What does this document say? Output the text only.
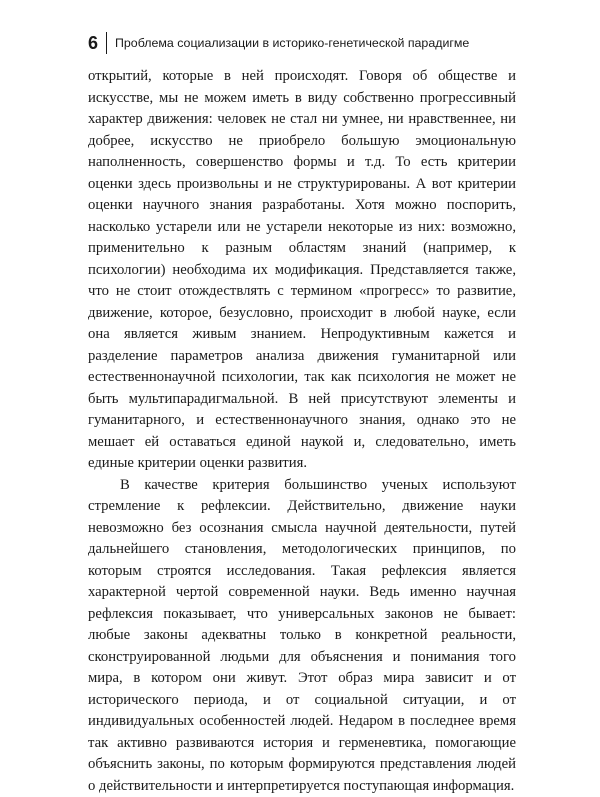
6	Проблема социализации в историко-генетической парадигме

открытий, которые в ней происходят. Говоря об обществе и искусстве, мы не можем иметь в виду собственно прогрессивный характер движения: человек не стал ни умнее, ни нравственнее, ни добрее, искусство не приобрело большую эмоциональную наполненность, совершенство формы и т.д. То есть критерии оценки здесь произвольны и не структурированы. А вот критерии оценки научного знания разработаны. Хотя можно поспорить, насколько устарели или не устарели некоторые из них: возможно, применительно к разным областям знаний (например, к психологии) необходима их модификация. Представляется также, что не стоит отождествлять с термином «прогресс» то развитие, движение, которое, безусловно, происходит в любой науке, если она является живым знанием. Непродуктивным кажется и разделение параметров анализа движения гуманитарной или естественнонаучной психологии, так как психология не может не быть мультипарадигмальной. В ней присутствуют элементы и гуманитарного, и естественнонаучного знания, однако это не мешает ей оставаться единой наукой и, следовательно, иметь единые критерии оценки развития.

В качестве критерия большинство ученых используют стремление к рефлексии. Действительно, движение науки невозможно без осознания смысла научной деятельности, путей дальнейшего становления, методологических принципов, по которым строятся исследования. Такая рефлексия является характерной чертой современной науки. Ведь именно научная рефлексия показывает, что универсальных законов не бывает: любые законы адекватны только в конкретной реальности, сконструированной людьми для объяснения и понимания того мира, в котором они живут. Этот образ мира зависит и от исторического периода, и от социальной ситуации, и от индивидуальных особенностей людей. Недаром в последнее время так активно развиваются история и герменевтика, помогающие объяснить законы, по которым формируются представления людей о действительности и интерпретируется поступающая информация.
